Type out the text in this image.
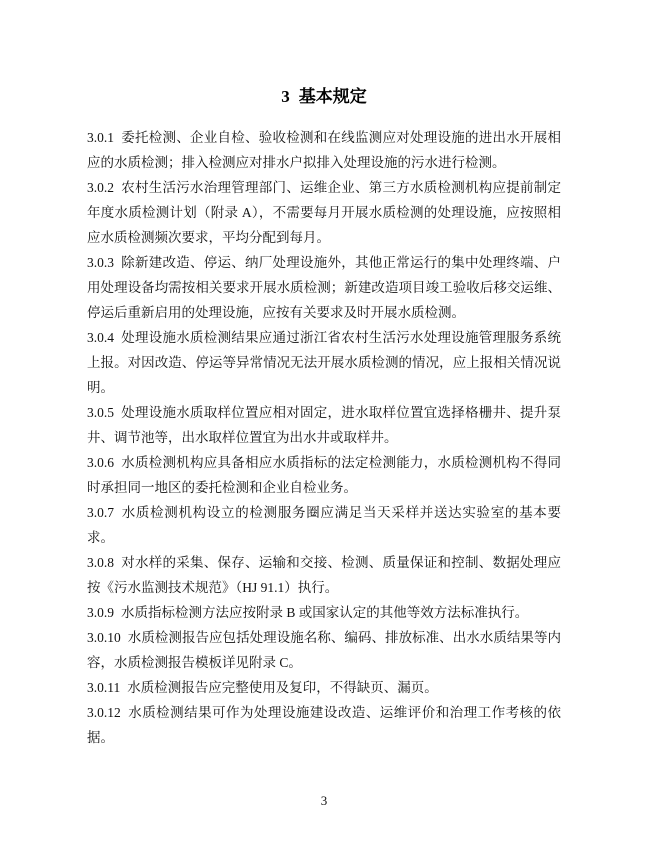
3 基本规定

3.0.1 委托检测、企业自检、验收检测和在线监测应对处理设施的进出水开展相应的水质检测；排入检测应对排水户拟排入处理设施的污水进行检测。

3.0.2 农村生活污水治理管理部门、运维企业、第三方水质检测机构应提前制定年度水质检测计划（附录 A），不需要每月开展水质检测的处理设施，应按照相应水质检测频次要求，平均分配到每月。

3.0.3 除新建改造、停运、纳厂处理设施外，其他正常运行的集中处理终端、户用处理设备均需按相关要求开展水质检测；新建改造项目竣工验收后移交运维、停运后重新启用的处理设施，应按有关要求及时开展水质检测。

3.0.4 处理设施水质检测结果应通过浙江省农村生活污水处理设施管理服务系统上报。对因改造、停运等异常情况无法开展水质检测的情况，应上报相关情况说明。

3.0.5 处理设施水质取样位置应相对固定，进水取样位置宜选择格栅井、提升泵井、调节池等，出水取样位置宜为出水井或取样井。

3.0.6 水质检测机构应具备相应水质指标的法定检测能力，水质检测机构不得同时承担同一地区的委托检测和企业自检业务。

3.0.7 水质检测机构设立的检测服务圈应满足当天采样并送达实验室的基本要求。

3.0.8 对水样的采集、保存、运输和交接、检测、质量保证和控制、数据处理应按《污水监测技术规范》（HJ 91.1）执行。

3.0.9 水质指标检测方法应按附录 B 或国家认定的其他等效方法标准执行。

3.0.10 水质检测报告应包括处理设施名称、编码、排放标准、出水水质结果等内容，水质检测报告模板详见附录 C。

3.0.11 水质检测报告应完整使用及复印，不得缺页、漏页。

3.0.12 水质检测结果可作为处理设施建设改造、运维评价和治理工作考核的依据。

3
